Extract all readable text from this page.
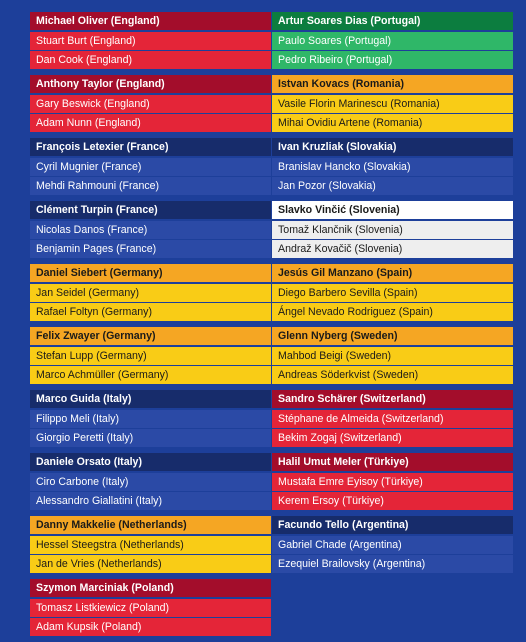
Michael Oliver (England)
Stuart Burt (England)
Dan Cook (England)
Anthony Taylor (England)
Gary Beswick (England)
Adam Nunn (England)
François Letexier (France)
Cyril Mugnier (France)
Mehdi Rahmouni (France)
Clément Turpin (France)
Nicolas Danos (France)
Benjamin Pages (France)
Daniel Siebert (Germany)
Jan Seidel (Germany)
Rafael Foltyn (Germany)
Felix Zwayer (Germany)
Stefan Lupp (Germany)
Marco Achmüller (Germany)
Marco Guida (Italy)
Filippo Meli (Italy)
Giorgio Peretti (Italy)
Daniele Orsato (Italy)
Ciro Carbone (Italy)
Alessandro Giallatini (Italy)
Danny Makkelie (Netherlands)
Hessel Steegstra (Netherlands)
Jan de Vries (Netherlands)
Szymon Marciniak (Poland)
Tomasz Listkiewicz (Poland)
Adam Kupsik (Poland)
Artur Soares Dias (Portugal)
Paulo Soares (Portugal)
Pedro Ribeiro (Portugal)
Istvan Kovacs (Romania)
Vasile Florin Marinescu (Romania)
Mihai Ovidiu Artene (Romania)
Ivan Kruzliak (Slovakia)
Branislav Hancko (Slovakia)
Jan Pozor (Slovakia)
Slavko Vinčić (Slovenia)
Tomaž Klančnik (Slovenia)
Andraž Kovačič (Slovenia)
Jesús Gil Manzano (Spain)
Diego Barbero Sevilla (Spain)
Ángel Nevado Rodriguez (Spain)
Glenn Nyberg (Sweden)
Mahbod Beigi (Sweden)
Andreas Söderkvist (Sweden)
Sandro Schärer (Switzerland)
Stéphane de Almeida (Switzerland)
Bekim Zogaj (Switzerland)
Halil Umut Meler (Türkiye)
Mustafa Emre Eyisoy (Türkiye)
Kerem Ersoy (Türkiye)
Facundo Tello (Argentina)
Gabriel Chade (Argentina)
Ezequiel Brailovsky (Argentina)
